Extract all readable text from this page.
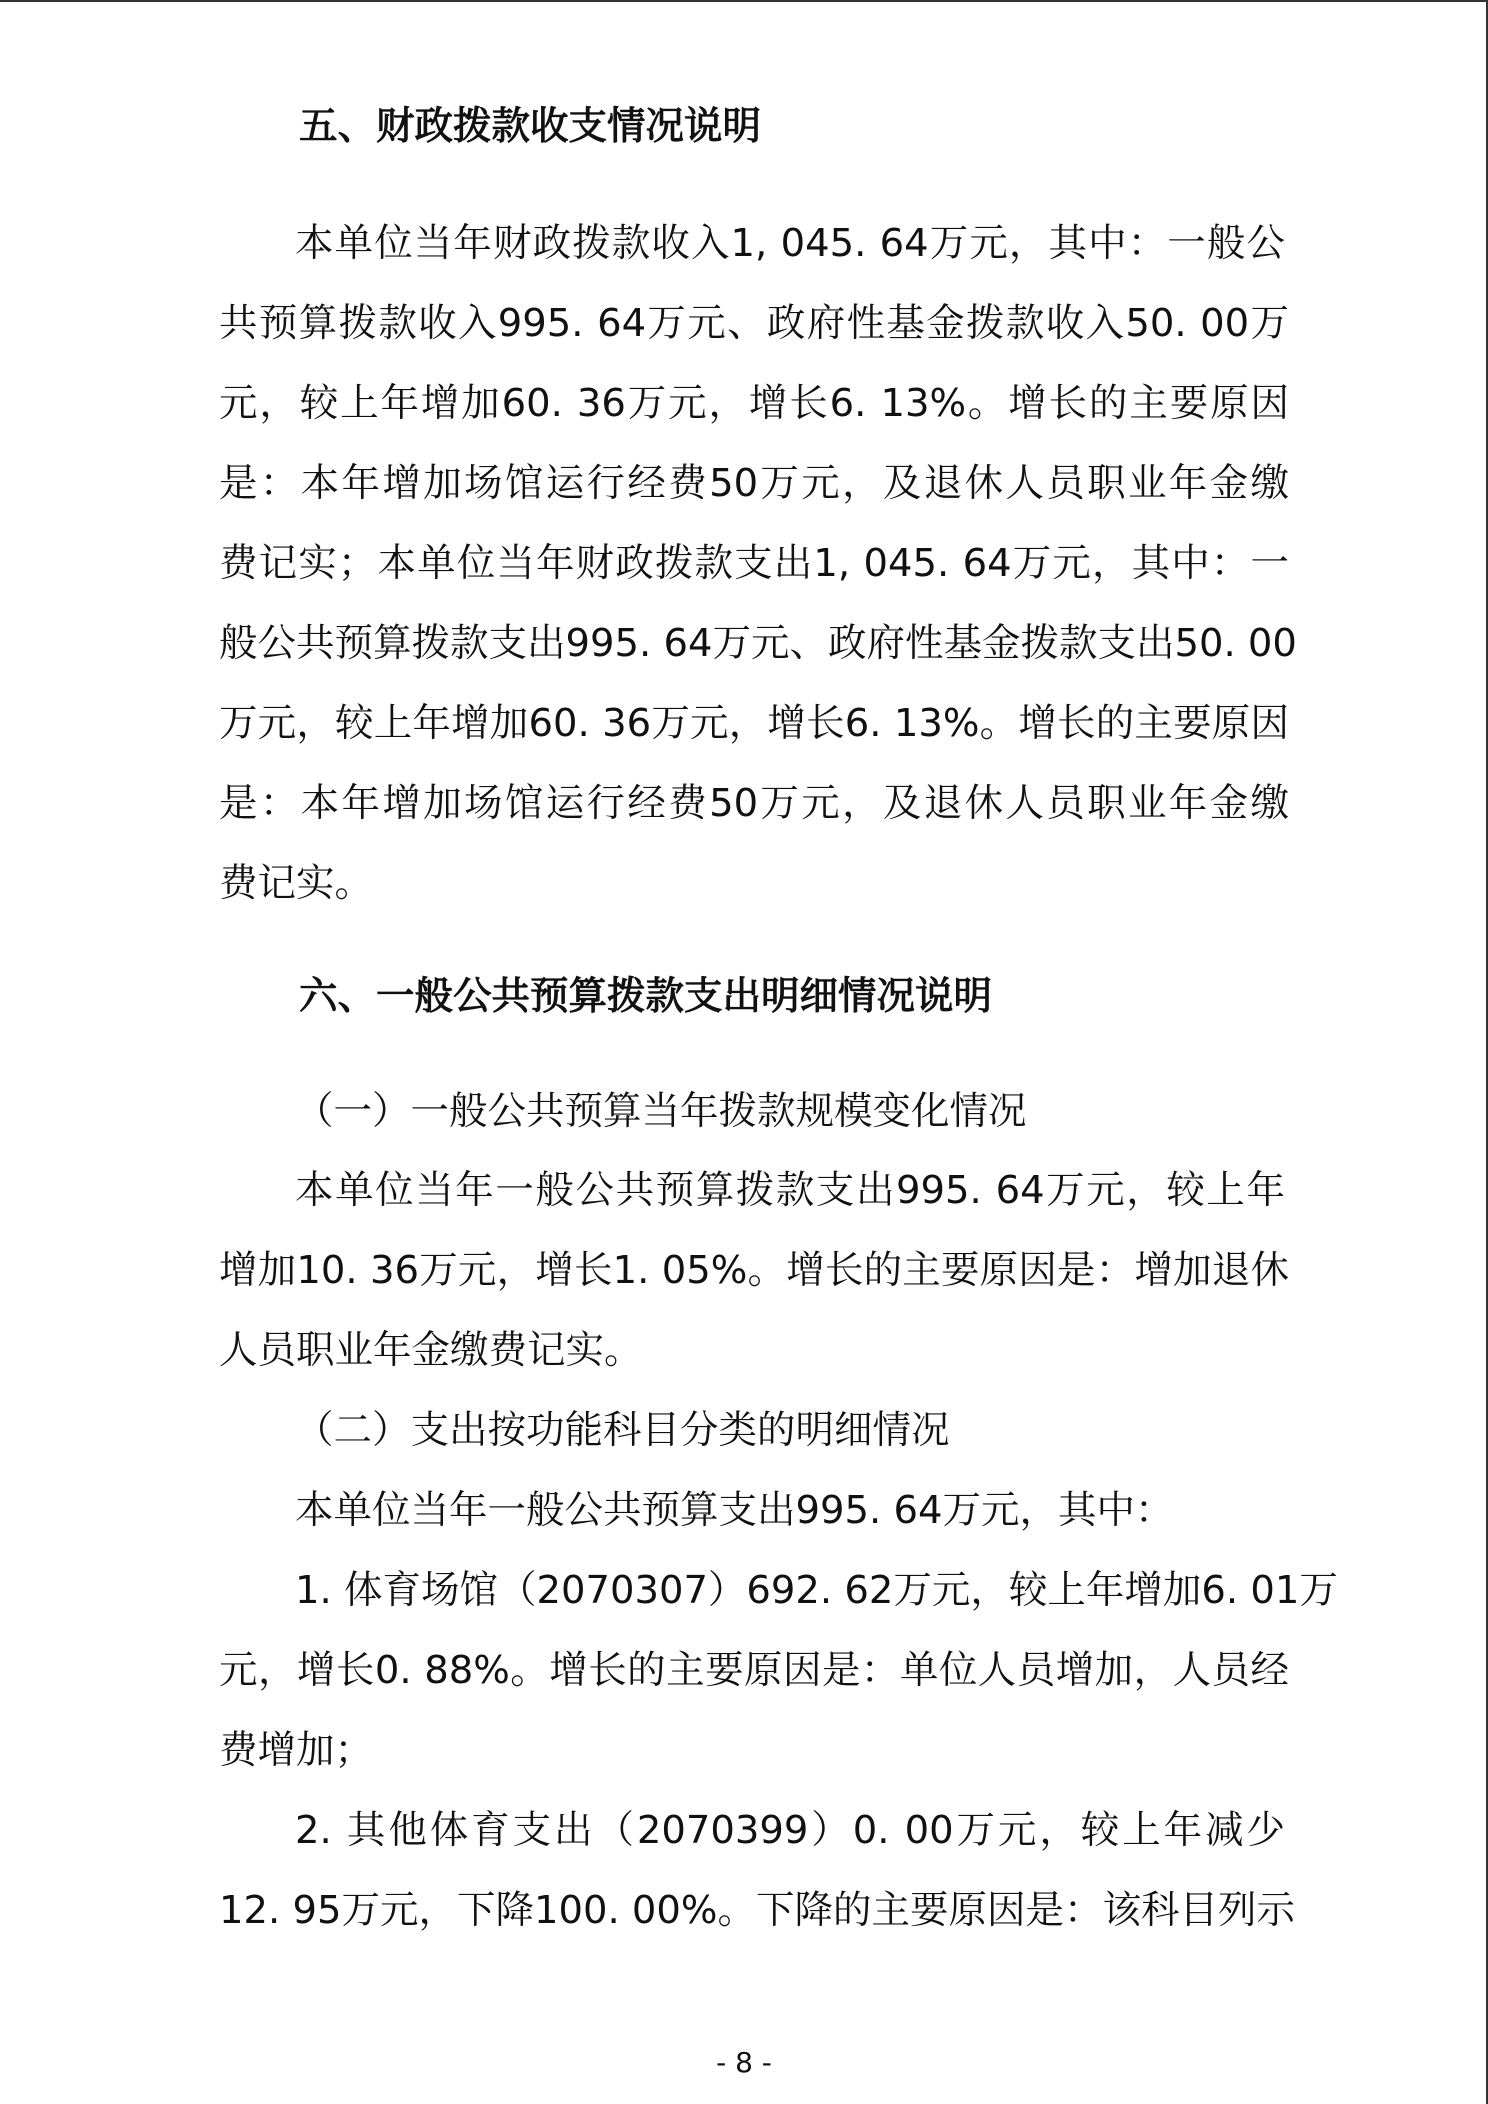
五、财政拨款收支情况说明
本单位当年财政拨款收入1, 045. 64万元，其中：一般公
共预算拨款收入995. 64万元、政府性基金拨款收入50. 00万
元，较上年增加60. 36万元，增长6. 13%。增长的主要原因
是：本年增加场馆运行经费50万元，及退休人员职业年金缴
费记实；本单位当年财政拨款支出1, 045. 64万元，其中：一
般公共预算拨款支出995. 64万元、政府性基金拨款支出50. 00
万元，较上年增加60. 36万元，增长6. 13%。增长的主要原因
是：本年增加场馆运行经费50万元，及退休人员职业年金缴
费记实。
六、一般公共预算拨款支出明细情况说明
（一）一般公共预算当年拨款规模变化情况
本单位当年一般公共预算拨款支出995. 64万元，较上年
增加10. 36万元，增长1. 05%。增长的主要原因是：增加退休
人员职业年金缴费记实。
（二）支出按功能科目分类的明细情况
本单位当年一般公共预算支出995. 64万元，其中：
1. 体育场馆（2070307）692. 62万元，较上年增加6. 01万
元，增长0. 88%。增长的主要原因是：单位人员增加，人员经
费增加；
2. 其他体育支出（2070399）0. 00万元，较上年减少
12. 95万元，下降100. 00%。下降的主要原因是：该科目列示
- 8 -
